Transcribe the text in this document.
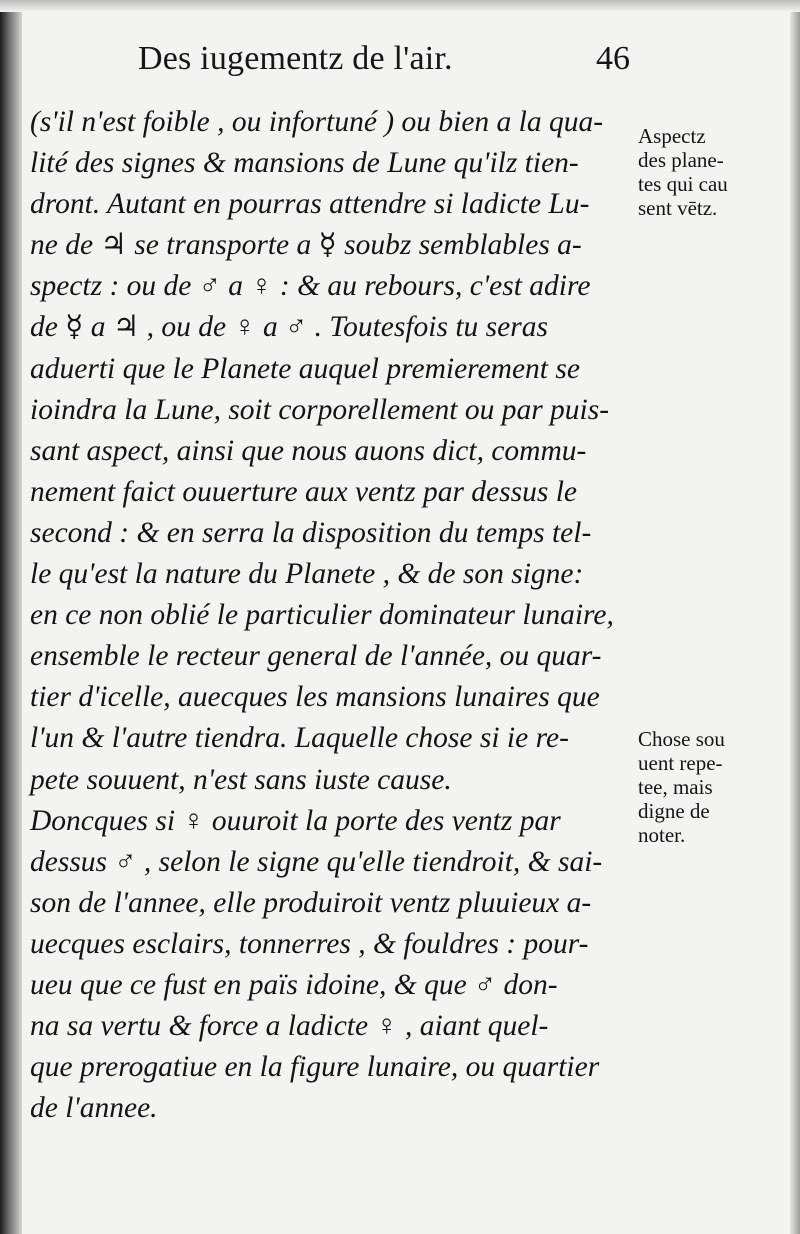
Des iugementz de l'air.	46
(s'il n'est foible , ou infortuné ) ou bien a la qua-
lité des signes & mansions de Lune qu'ilz tien-
dront. Autant en pourras attendre si ladicte Lu-
ne de ♃ se transporte a ☿ soubz semblables a-
spectz : ou de ♂ a ♀ : & au rebours, c'est adire
de ☿ a ♃ , ou de ♀ a ♂ . Toutesfois tu seras
aduerti que le Planete auquel premierement se
ioindra la Lune, soit corporellement ou par puis-
sant aspect, ainsi que nous auons dict, commu-
nement faict ouuerture aux ventz par dessus le
second : & en serra la disposition du temps tel-
le qu'est la nature du Planete , & de son signe:
en ce non oblié le particulier dominateur lunaire,
ensemble le recteur general de l'année, ou quar-
tier d'icelle, auecques les mansions lunaires que
l'un & l'autre tiendra. Laquelle chose si ie re-
pete souuent, n'est sans iuste cause.
Doncques si ♀ ouuroit la porte des ventz par
dessus ♂ , selon le signe qu'elle tiendroit, & sai-
son de l'annee, elle produiroit ventz pluuieux a-
uecques esclairs, tonnerres , & fouldres : pour-
ueu que ce fust en païs idoine, & que ♂ don-
na sa vertu & force a ladicte ♀ , aiant quel-
que prerogatiue en la figure lunaire, ou quartier
de l'annee.
Aspectz
des plane-
tes qui cau
sent vētz.
Chose sou
uent repe-
tee, mais
digne de
noter.
